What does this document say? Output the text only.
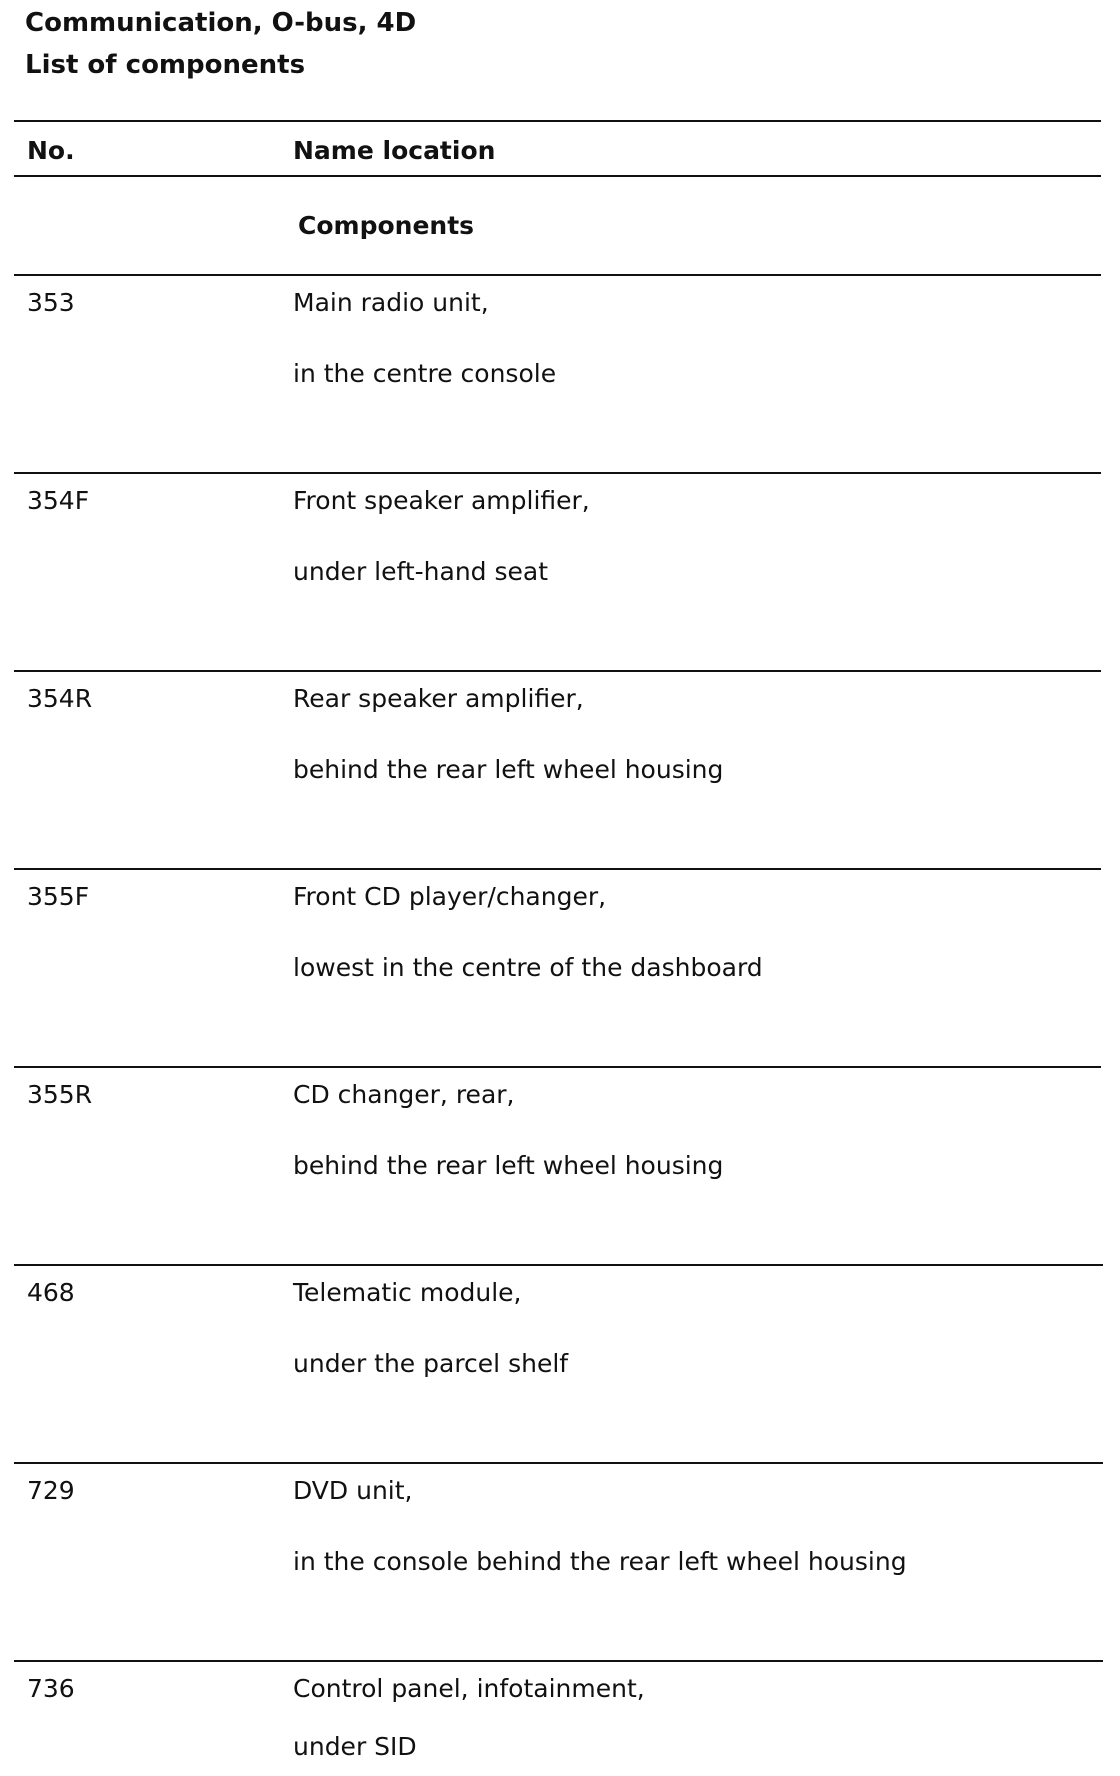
Communication, O-bus, 4D
List of components
No.	Name location
Components
353	Main radio unit,
in the centre console
354F	Front speaker amplifier,
under left-hand seat
354R	Rear speaker amplifier,
behind the rear left wheel housing
355F	Front CD player/changer,
lowest in the centre of the dashboard
355R	CD changer, rear,
behind the rear left wheel housing
468	Telematic module,
under the parcel shelf
729	DVD unit,
in the console behind the rear left wheel housing
736	Control panel, infotainment,
under SID
